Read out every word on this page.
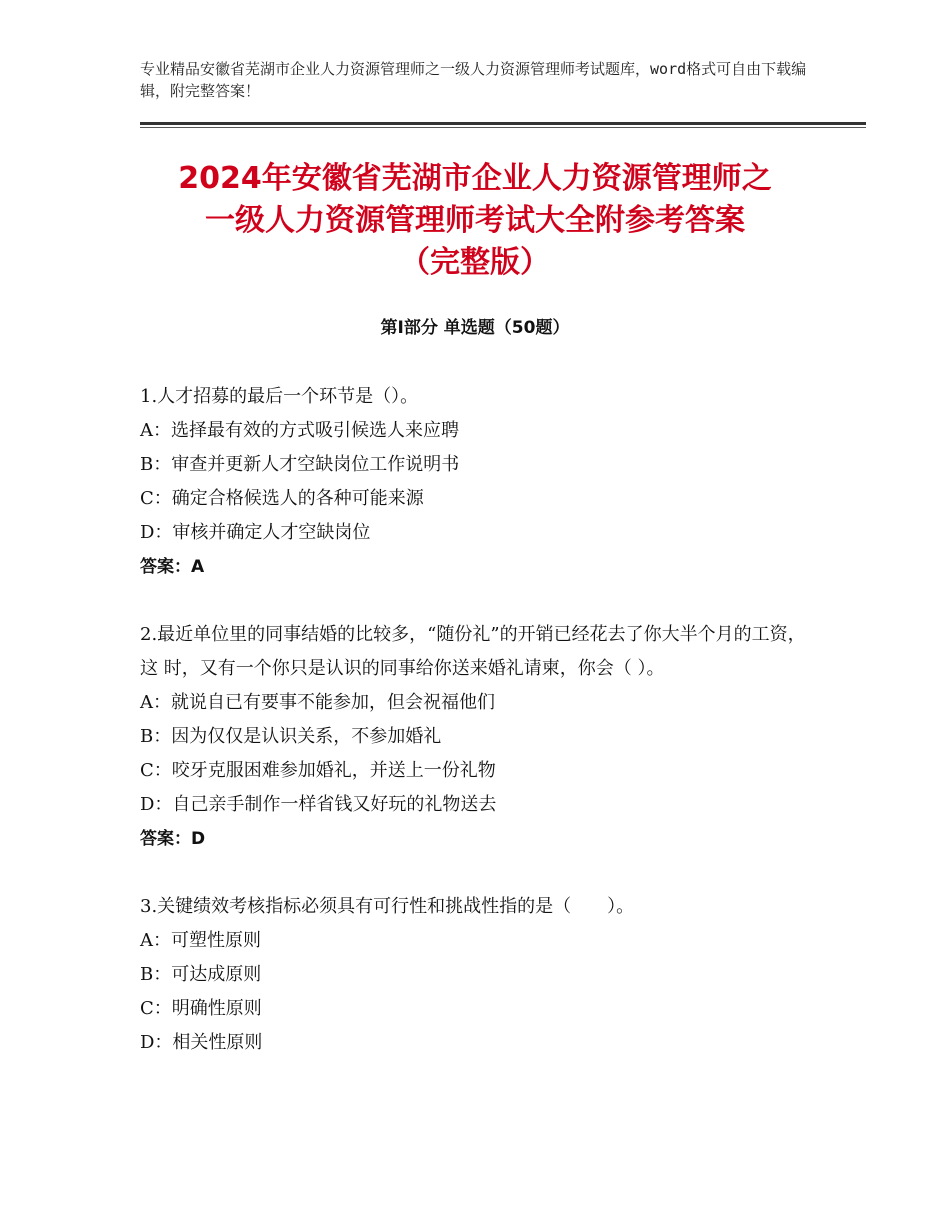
专业精品安徽省芜湖市企业人力资源管理师之一级人力资源管理师考试题库，word格式可自由下载编辑，附完整答案！
2024年安徽省芜湖市企业人力资源管理师之
一级人力资源管理师考试大全附参考答案
（完整版）
第Ⅰ部分 单选题（50题）
1.人才招募的最后一个环节是（）。
A：选择最有效的方式吸引候选人来应聘
B：审查并更新人才空缺岗位工作说明书
C：确定合格候选人的各种可能来源
D：审核并确定人才空缺岗位
答案：A
2.最近单位里的同事结婚的比较多，“随份礼”的开销已经花去了你大半个月的工资，这 时，又有一个你只是认识的同事给你送来婚礼请柬，你会（ ）。
A：就说自已有要事不能参加，但会祝福他们
B：因为仅仅是认识关系，不参加婚礼
C：咬牙克服困难参加婚礼，并送上一份礼物
D：自己亲手制作一样省钱又好玩的礼物送去
答案：D
3.关键绩效考核指标必须具有可行性和挑战性指的是（　　）。
A：可塑性原则
B：可达成原则
C：明确性原则
D：相关性原则
